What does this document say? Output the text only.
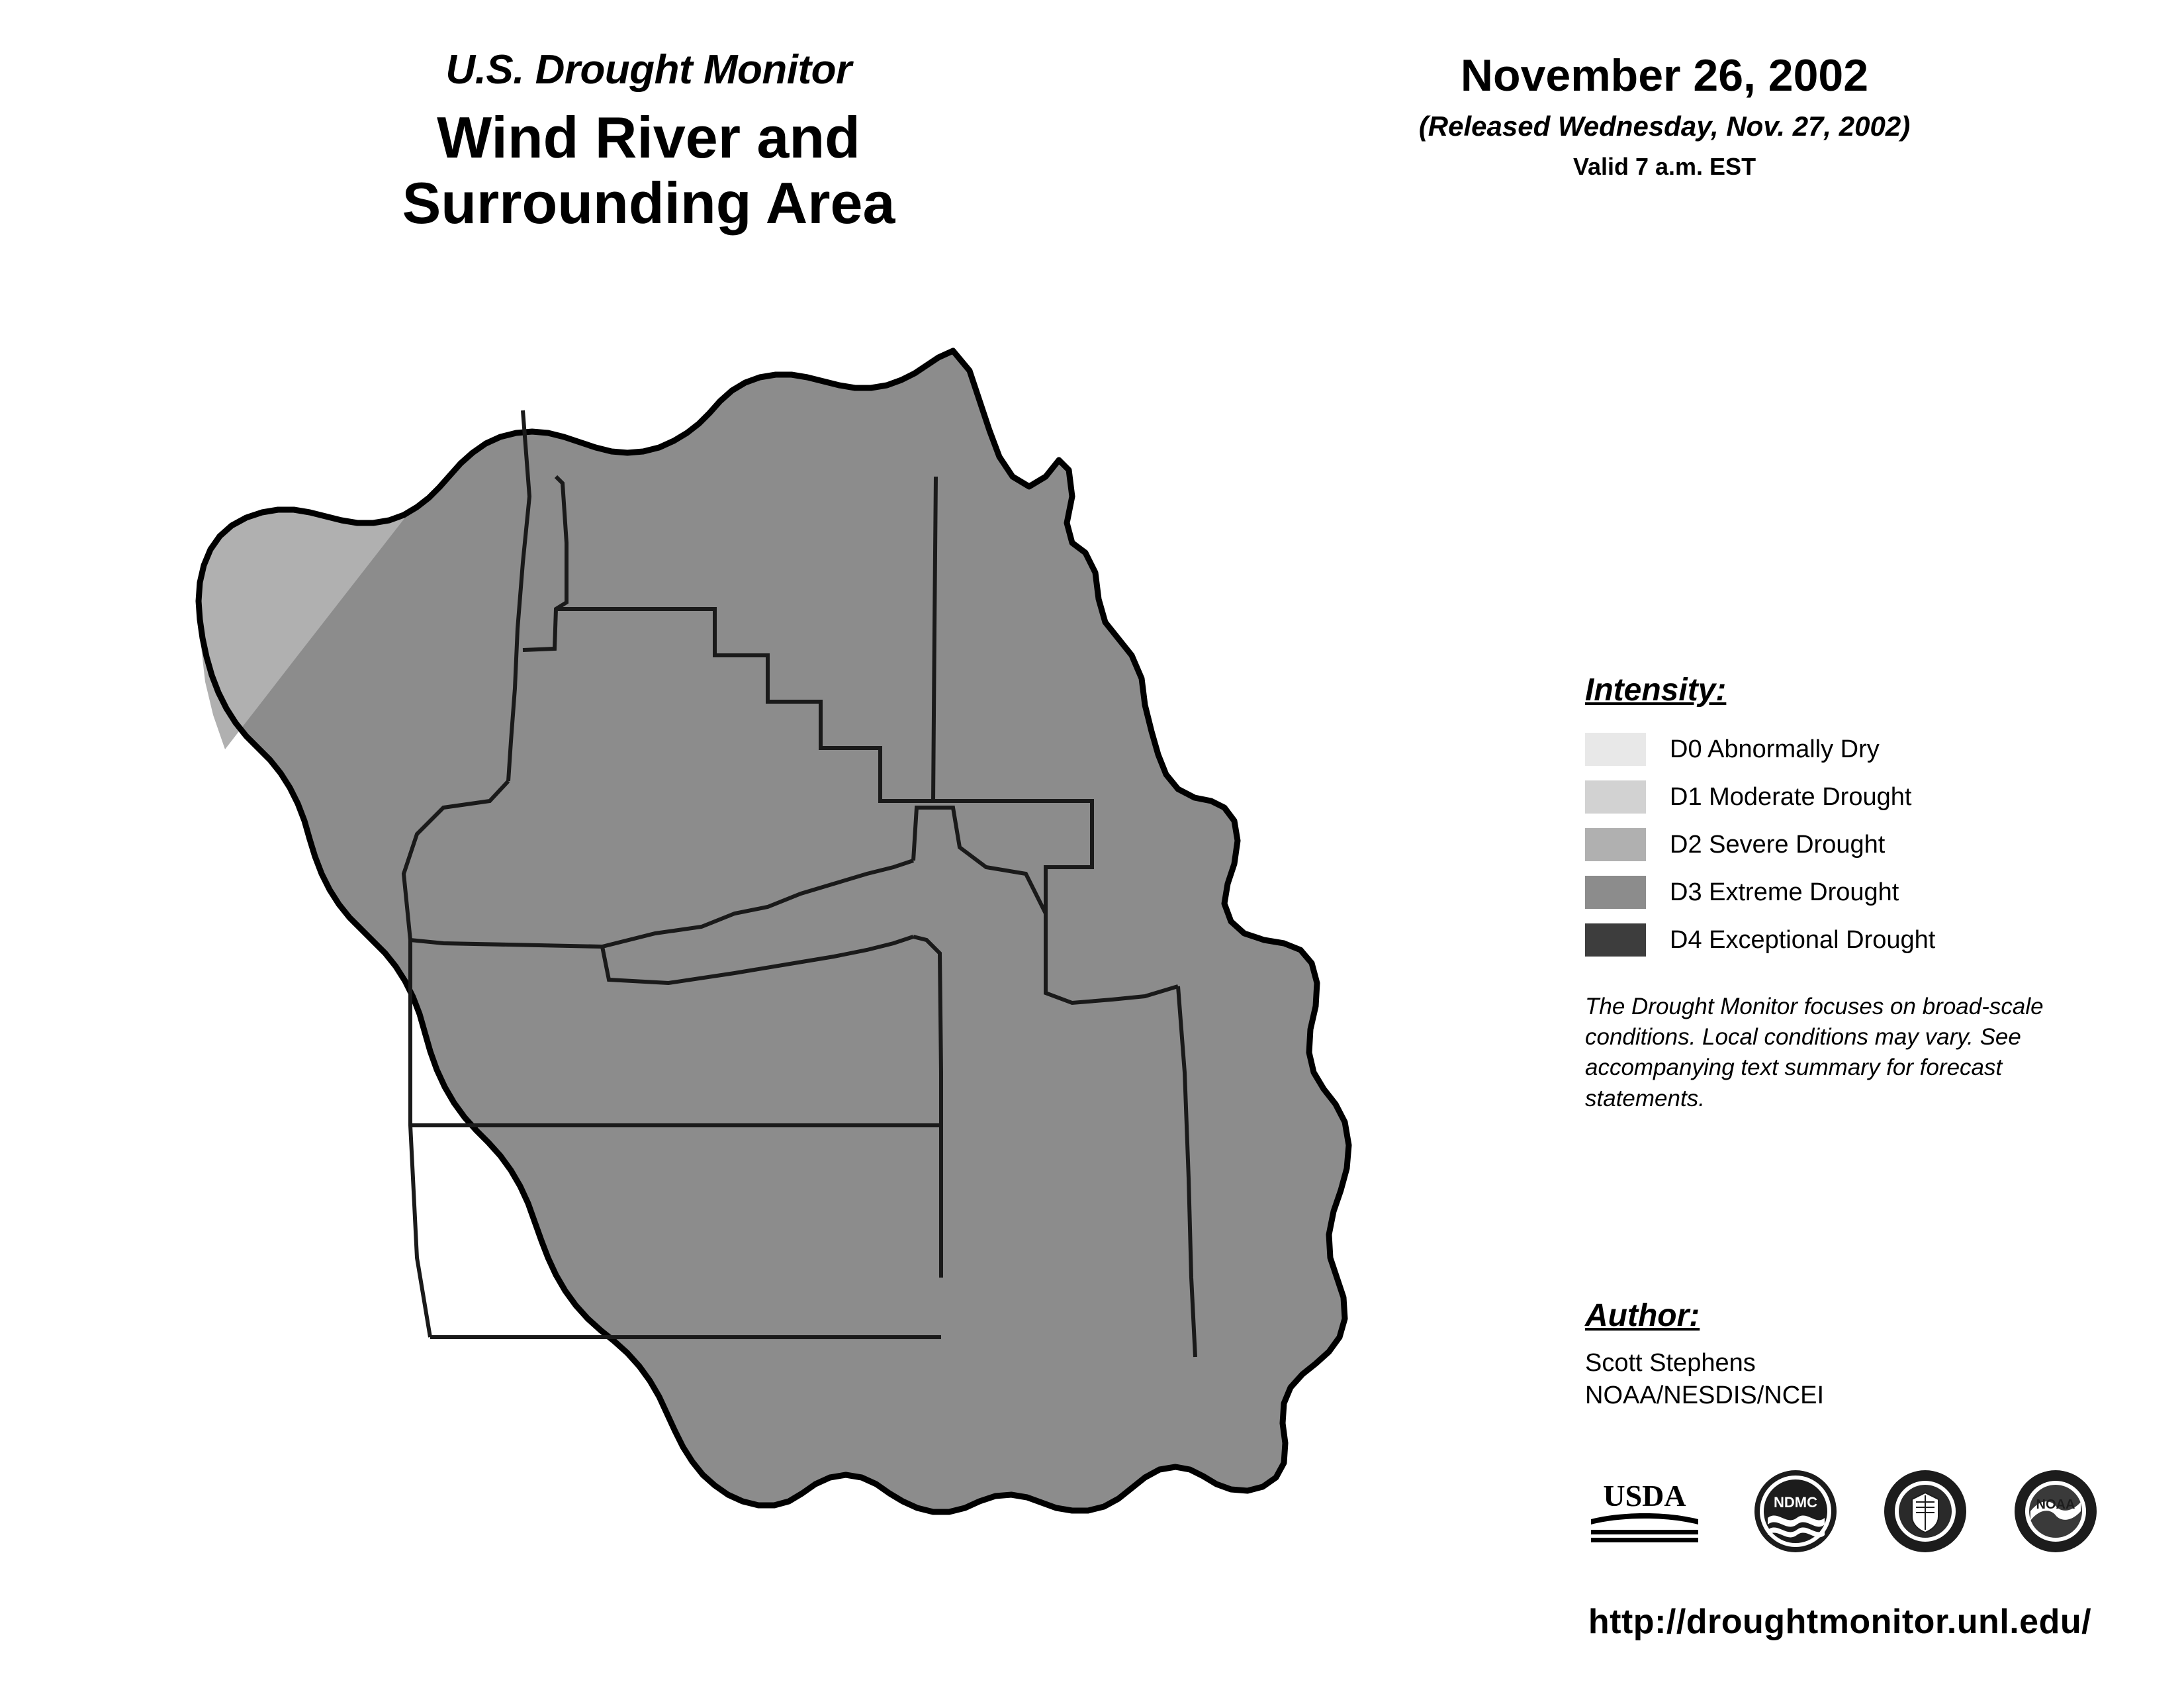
U.S. Drought Monitor
Wind River and
Surrounding Area
November 26, 2002
(Released Wednesday, Nov. 27, 2002)
Valid 7 a.m. EST
Intensity:
D0 Abnormally Dry
D1 Moderate Drought
D2 Severe Drought
D3 Extreme Drought
D4 Exceptional Drought
The Drought Monitor focuses on broad-scale conditions. Local conditions may vary. See accompanying text summary for forecast statements.
Author:
Scott Stephens
NOAA/NESDIS/NCEI
USDA	NDMC	NOAA
http://droughtmonitor.unl.edu/
